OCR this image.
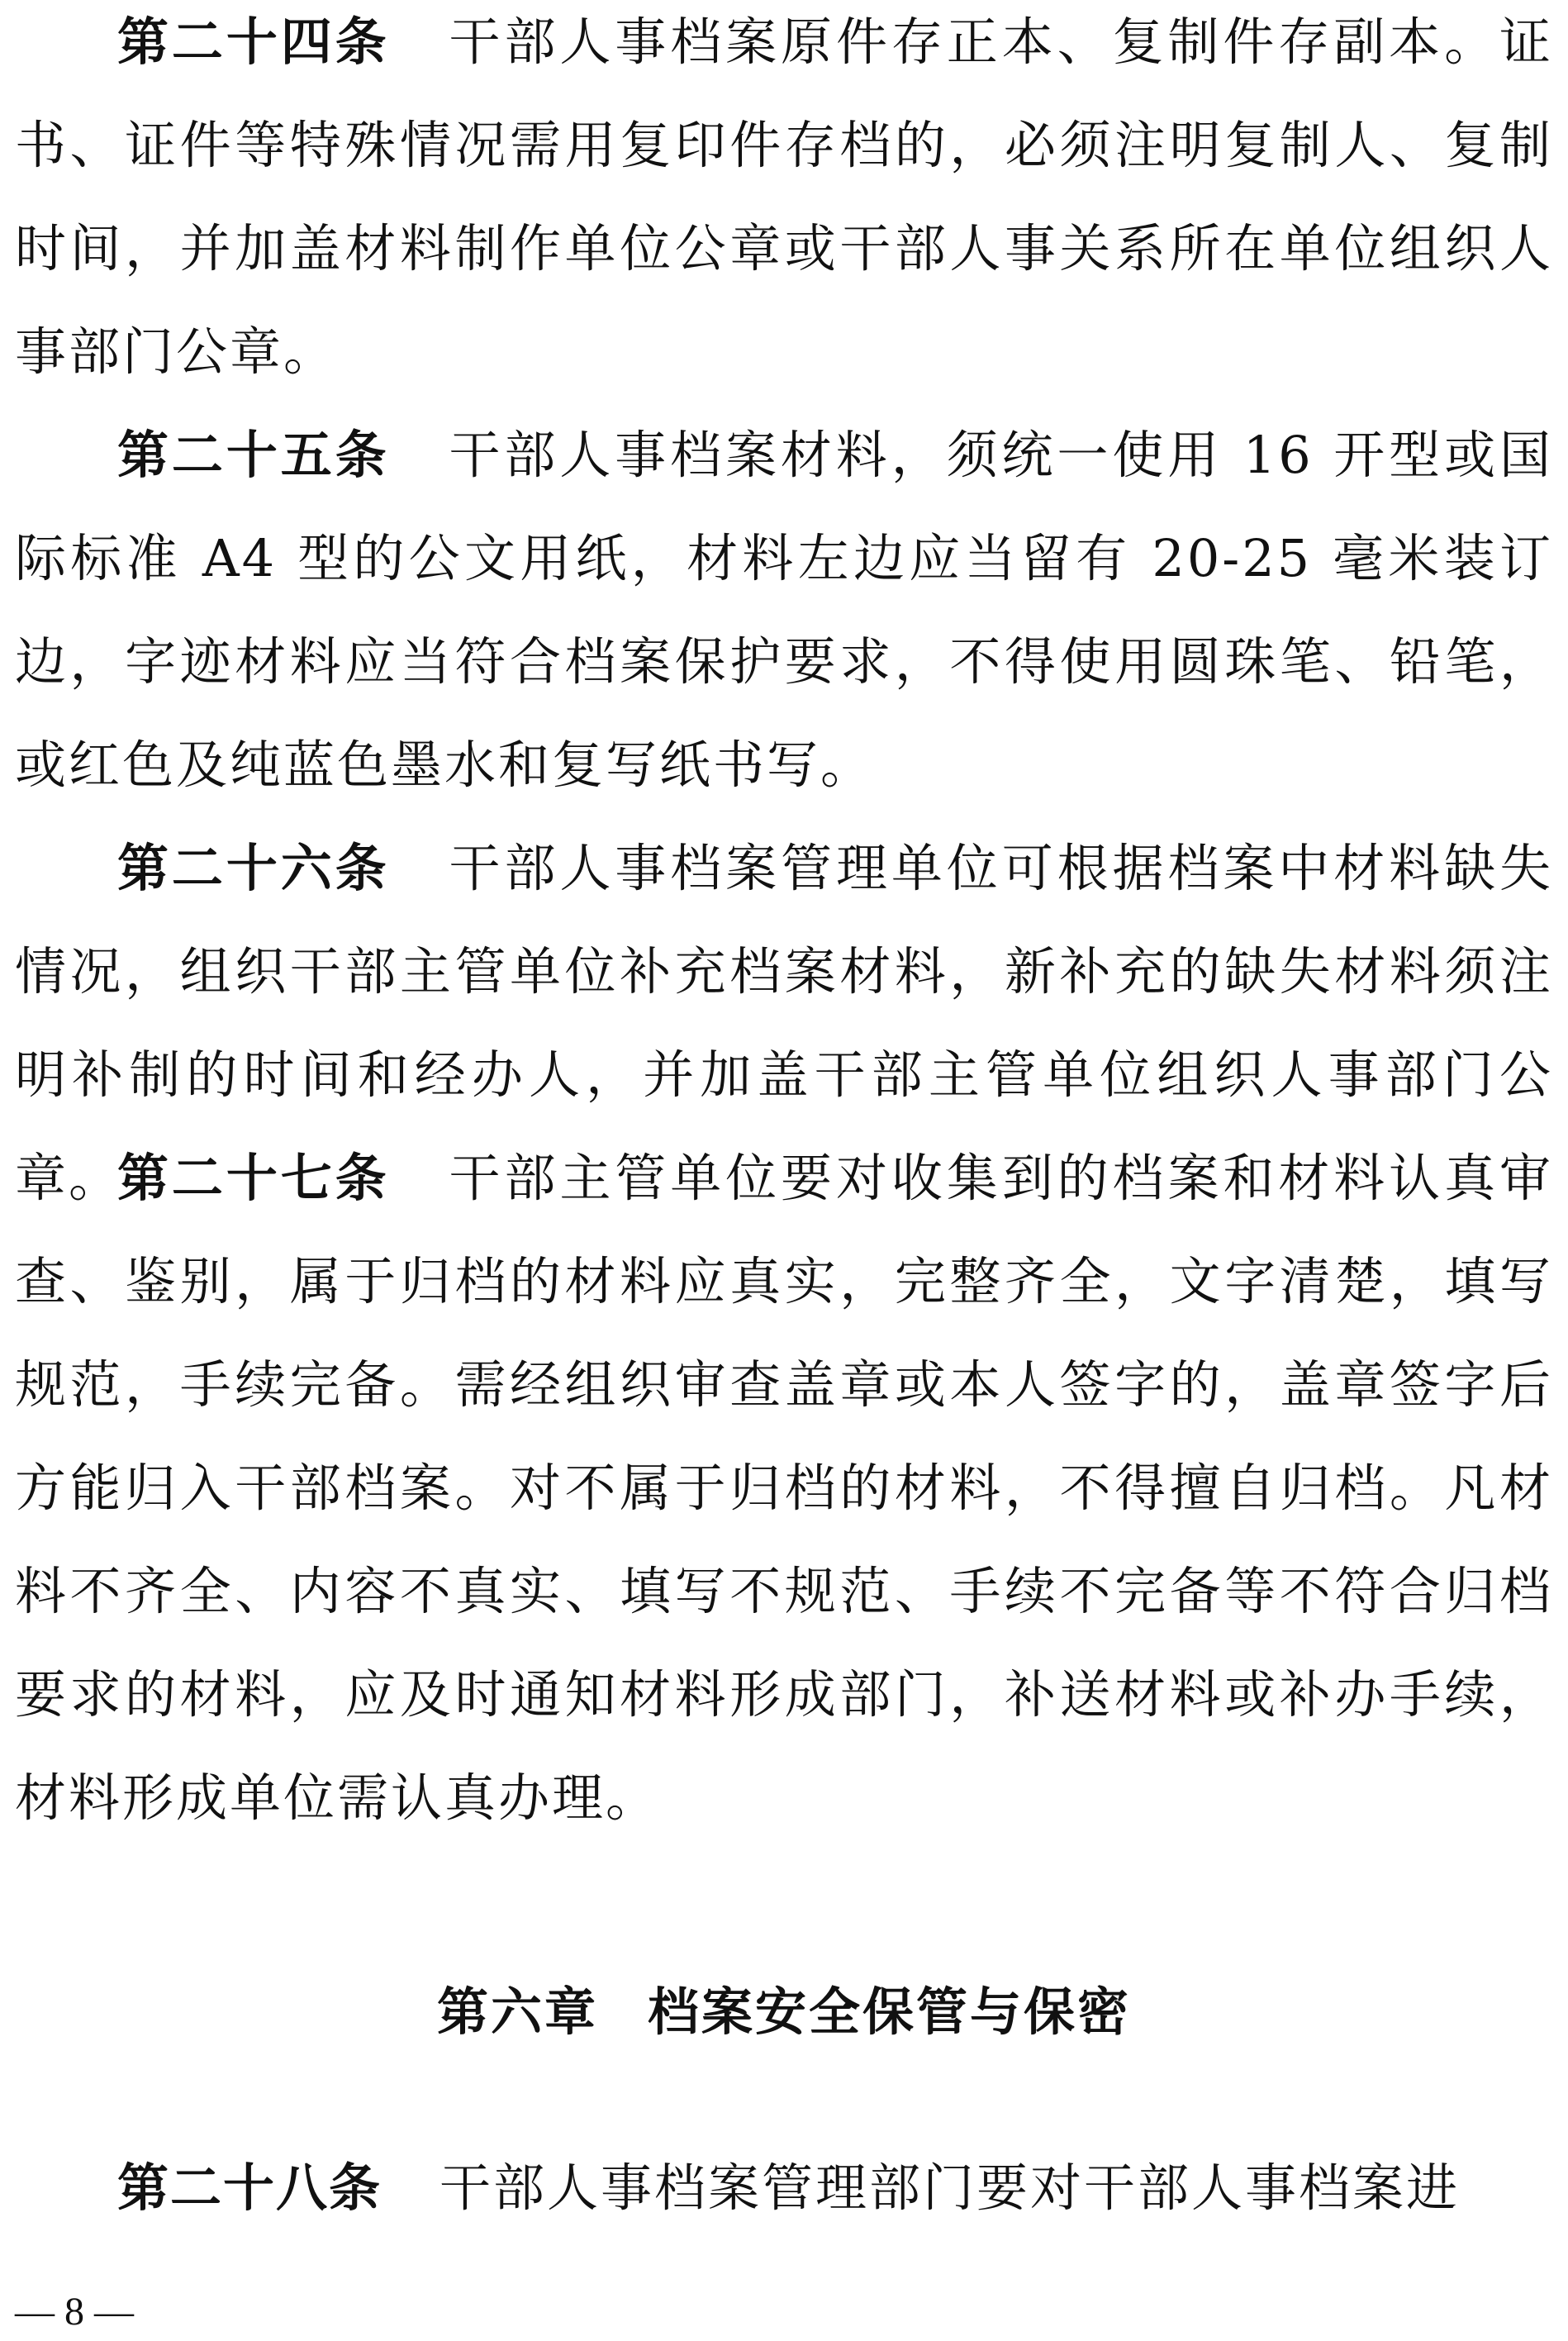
第二十四条 干部人事档案原件存正本、复制件存副本。证书、证件等特殊情况需用复印件存档的，必须注明复制人、复制时间，并加盖材料制作单位公章或干部人事关系所在单位组织人事部门公章。

第二十五条 干部人事档案材料，须统一使用 16 开型或国际标准 A4 型的公文用纸，材料左边应当留有 20-25 毫米装订边，字迹材料应当符合档案保护要求，不得使用圆珠笔、铅笔，或红色及纯蓝色墨水和复写纸书写。

第二十六条 干部人事档案管理单位可根据档案中材料缺失情况，组织干部主管单位补充档案材料，新补充的缺失材料须注明补制的时间和经办人，并加盖干部主管单位组织人事部门公章。

第二十七条 干部主管单位要对收集到的档案和材料认真审查、鉴别，属于归档的材料应真实，完整齐全，文字清楚，填写规范，手续完备。需经组织审查盖章或本人签字的，盖章签字后方能归入干部档案。对不属于归档的材料，不得擅自归档。凡材料不齐全、内容不真实、填写不规范、手续不完备等不符合归档要求的材料，应及时通知材料形成部门，补送材料或补办手续，材料形成单位需认真办理。

第二十八条 干部人事档案管理部门要对干部人事档案进

第六章 档案安全保管与保密
— 8 —
